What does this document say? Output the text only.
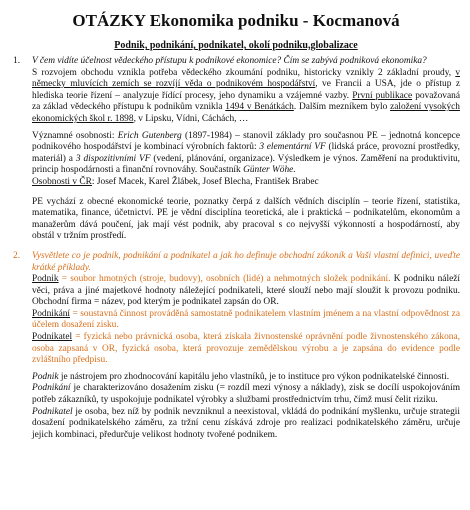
OTÁZKY Ekonomika podniku - Kocmanová
Podnik, podnikání, podnikatel, okolí podniku,globalizace
1.	V čem vidíte účelnost vědeckého přístupu k podnikové ekonomice? Čím se zabývá podniková ekonomika?

S rozvojem obchodu vznikla potřeba vědeckého zkoumání podniku, historicky vznikly 2 základní proudy, v německy mluvících zemích se rozvíjí věda o podnikovém hospodářství, ve Francii a USA, jde o přístup z hlediska teorie řízení – analyzuje řídící procesy, jeho dynamiku a vzájemné vazby. První publikace považovaná za základ vědeckého přístupu k podnikům vznikla 1494 v Benátkách. Dalším mezníkem bylo založení vysokých ekonomických škol r. 1898, v Lipsku, Vídni, Cáchách, …

Významné osobnosti: Erich Gutenberg (1897-1984) – stanovil základy pro současnou PE – jednotná koncepce podnikového hospodářství je kombinací výrobních faktorů: 3 elementární VF (lidská práce, provozní prostředky, materiál) a 3 dispozitivními VF (vedení, plánování, organizace). Výsledkem je výnos. Zaměření na produktivitu, princip hospodárnosti a finanční rovnováhy. Součastník Günter Wöhe.
Osobnosti v ČR: Josef Macek, Karel Žlábek, Josef Blecha, František Brabec

PE vychází z obecné ekonomické teorie, poznatky čerpá z dalších vědních disciplín – teorie řízení, statistika, matematika, finance, účetnictví. PE je vědní disciplína teoretická, ale i praktická – podnikatelům, ekonomům a manažerům dává poučení, jak mají vést podnik, aby pracoval s co nejvyšší výkonností a hospodárností, aby obstál v tržním prostředí.

2.	Vysvětlete co je podnik, podnikání a podnikatel a jak ho definuje obchodní zákoník a Vaši vlastní definici, uveďte krátké příklady.

Podnik = soubor hmotných (stroje, budovy), osobních (lidé) a nehmotných složek podnikání. K podniku náleží věci, práva a jiné majetkové hodnoty náležející podnikateli, které slouží nebo mají sloužit k provozu podniku. Obchodní firma = název, pod kterým je podnikatel zapsán do OR.

Podnikání = soustavná činnost prováděná samostatně podnikatelem vlastním jménem a na vlastní odpovědnost za účelem dosažení zisku.

Podnikatel = fyzická nebo právnická osoba, která získala živnostenské oprávnění podle živnostenského zákona, osoba zapsaná v OR, fyzická osoba, která provozuje zemědělskou výrobu a je zapsána do evidence podle zvláštního předpisu.

Podnik je nástrojem pro zhodnocování kapitálu jeho vlastníků, je to instituce pro výkon podnikatelské činnosti.

Podnikání je charakterizováno dosažením zisku (= rozdíl mezi výnosy a náklady), zisk se docílí uspokojováním potřeb zákazníků, ty uspokojuje podnikatel výrobky a službami prostřednictvím trhu, čímž musí čelit riziku.

Podnikatel je osoba, bez níž by podnik nevzniknul a neexistoval, vkládá do podnikání myšlenku, určuje strategii dosažení podnikatelského záměru, za tržní cenu získává zdroje pro realizaci podnikatelského záměru, určuje jejich kombinaci, předurčuje velikost hodnoty tvořené podnikem.
